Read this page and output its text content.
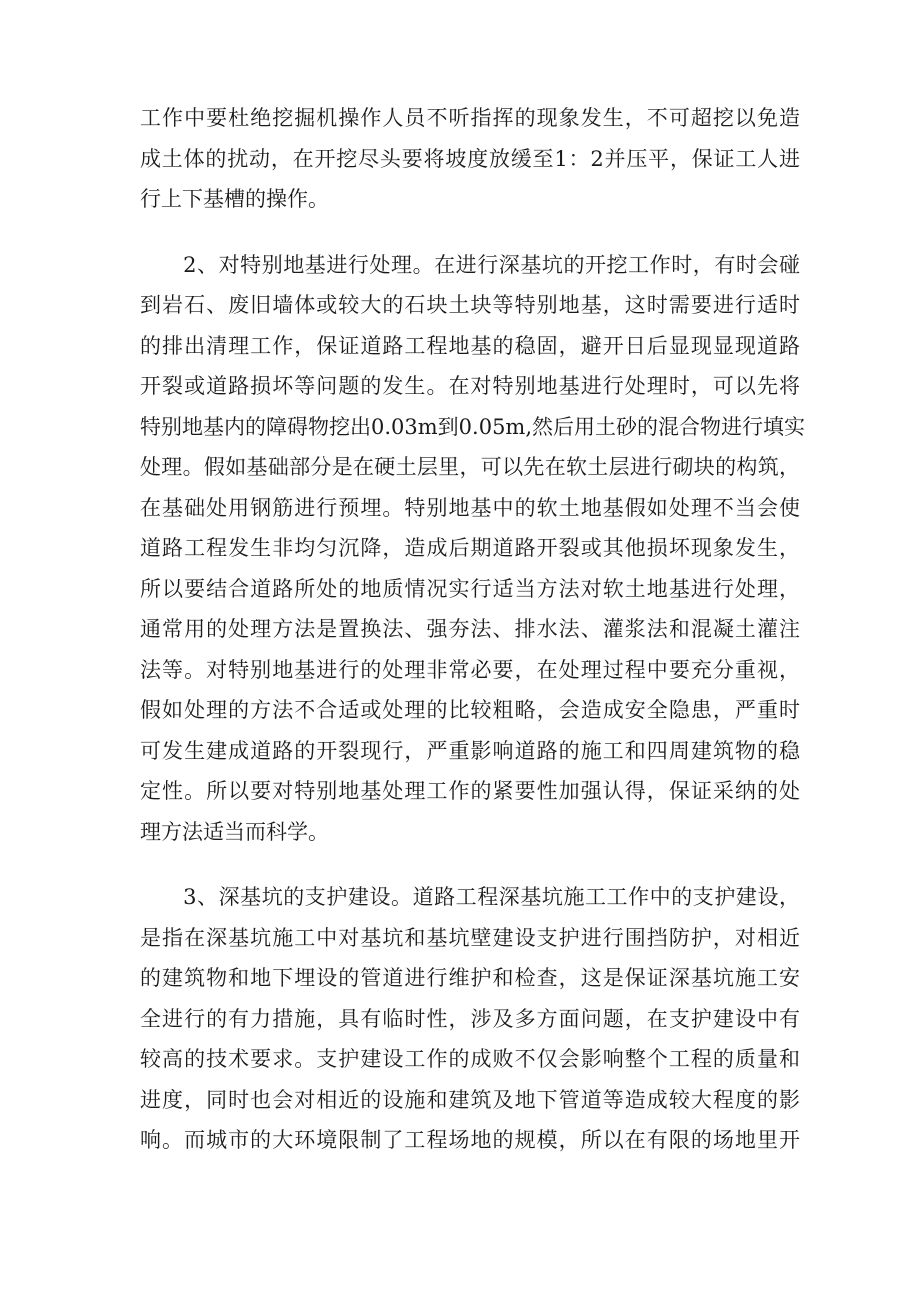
工作中要杜绝挖掘机操作人员不听指挥的现象发生，不可超挖以免造
成土体的扰动，在开挖尽头要将坡度放缓至1：2并压平，保证工人进
行上下基槽的操作。
　　2、对特别地基进行处理。在进行深基坑的开挖工作时，有时会碰
到岩石、废旧墙体或较大的石块土块等特别地基，这时需要进行适时
的排出清理工作，保证道路工程地基的稳固，避开日后显现显现道路
开裂或道路损坏等问题的发生。在对特别地基进行处理时，可以先将
特别地基内的障碍物挖出0.03m到0.05m,然后用土砂的混合物进行填实
处理。假如基础部分是在硬土层里，可以先在软土层进行砌块的构筑，
在基础处用钢筋进行预埋。特别地基中的软土地基假如处理不当会使
道路工程发生非均匀沉降，造成后期道路开裂或其他损坏现象发生，
所以要结合道路所处的地质情况实行适当方法对软土地基进行处理，
通常用的处理方法是置换法、强夯法、排水法、灌浆法和混凝土灌注
法等。对特别地基进行的处理非常必要，在处理过程中要充分重视，
假如处理的方法不合适或处理的比较粗略，会造成安全隐患，严重时
可发生建成道路的开裂现行，严重影响道路的施工和四周建筑物的稳
定性。所以要对特别地基处理工作的紧要性加强认得，保证采纳的处
理方法适当而科学。
　　3、深基坑的支护建设。道路工程深基坑施工工作中的支护建设，
是指在深基坑施工中对基坑和基坑壁建设支护进行围挡防护，对相近
的建筑物和地下埋设的管道进行维护和检查，这是保证深基坑施工安
全进行的有力措施，具有临时性，涉及多方面问题，在支护建设中有
较高的技术要求。支护建设工作的成败不仅会影响整个工程的质量和
进度，同时也会对相近的设施和建筑及地下管道等造成较大程度的影
响。而城市的大环境限制了工程场地的规模，所以在有限的场地里开
